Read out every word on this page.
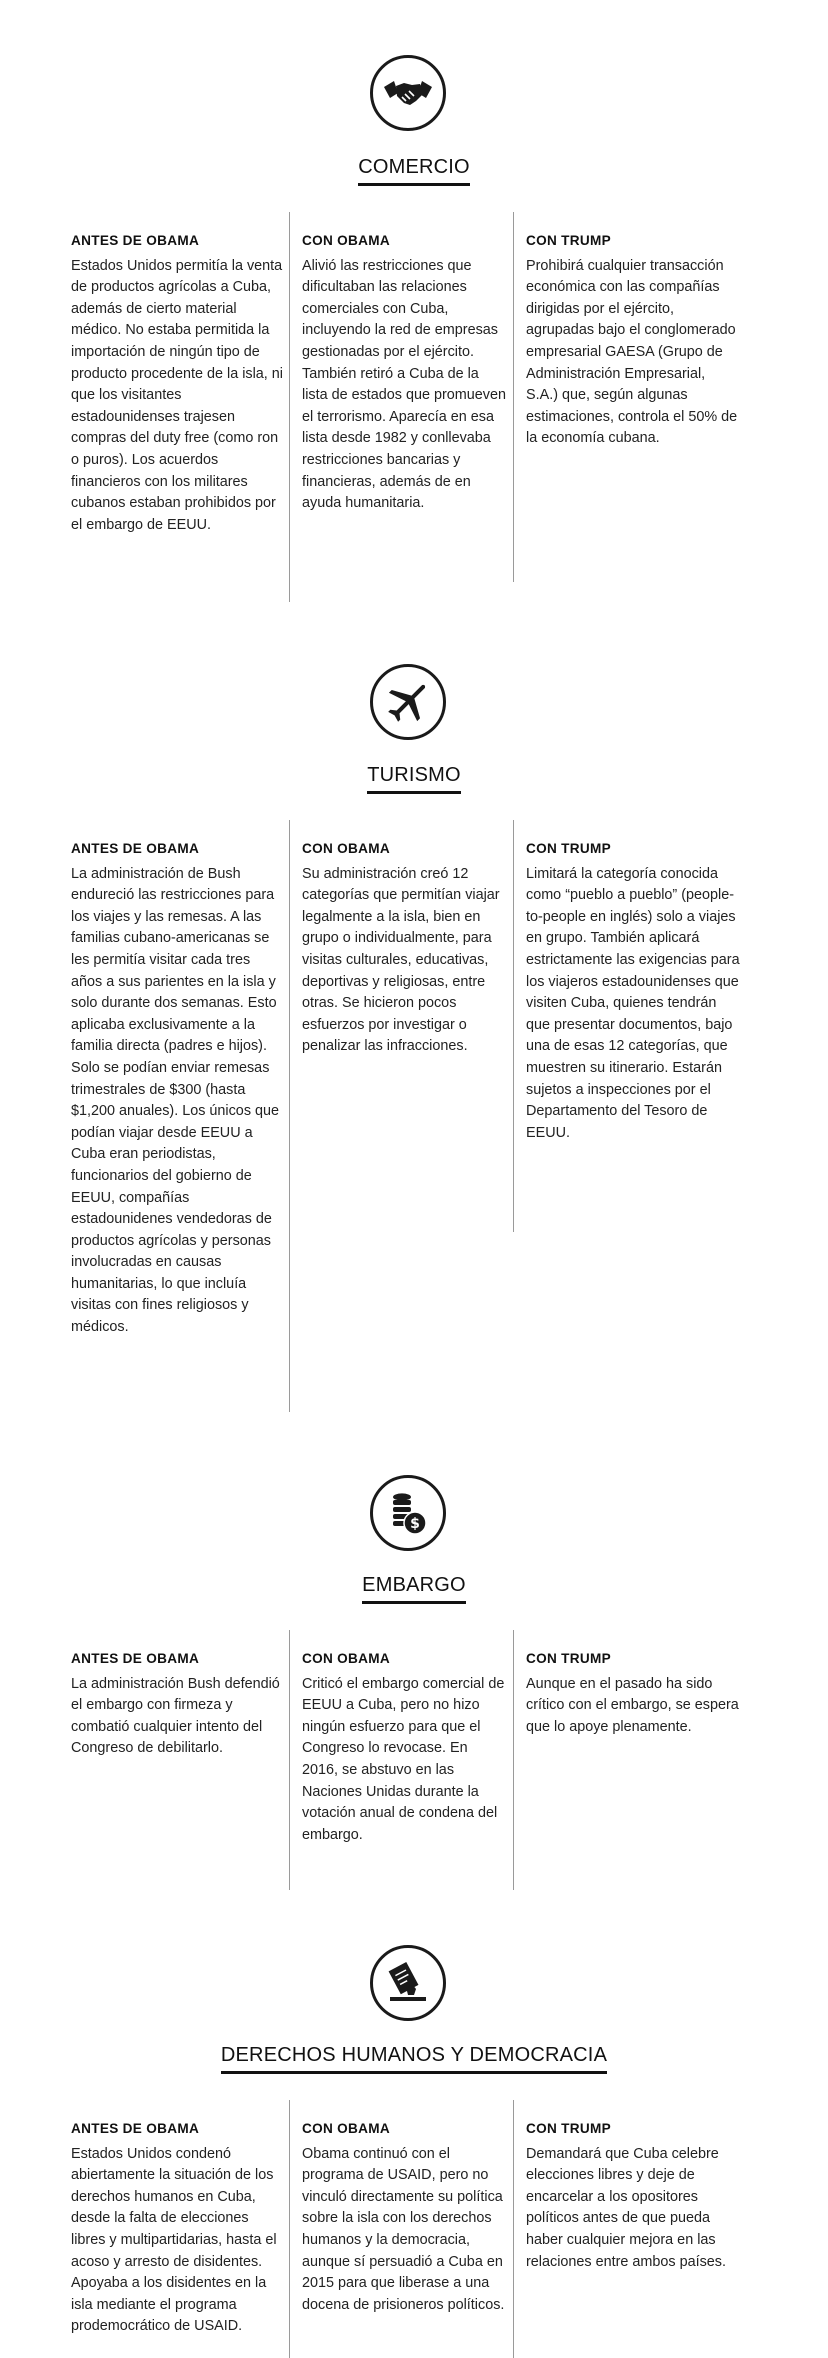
COMERCIO
ANTES DE OBAMA

Estados Unidos permitía la venta de productos agrícolas a Cuba, además de cierto material médico. No estaba permitida la importación de ningún tipo de producto procedente de la isla, ni que los visitantes estadounidenses trajesen compras del duty free (como ron o puros). Los acuerdos financieros con los militares cubanos estaban prohibidos por el embargo de EEUU.

CON OBAMA

Alivió las restricciones que dificultaban las relaciones comerciales con Cuba, incluyendo la red de empresas gestionadas por el ejército. También retiró a Cuba de la lista de estados que promueven el terrorismo. Aparecía en esa lista desde 1982 y conllevaba restricciones bancarias y financieras, además de en ayuda humanitaria.

CON TRUMP

Prohibirá cualquier transacción económica con las compañías dirigidas por el ejército, agrupadas bajo el conglomerado empresarial GAESA (Grupo de Administración Empresarial, S.A.) que, según algunas estimaciones, controla el 50% de la economía cubana.

TURISMO
ANTES DE OBAMA

La administración de Bush endureció las restricciones para los viajes y las remesas. A las familias cubano-americanas se les permitía visitar cada tres años a sus parientes en la isla y solo durante dos semanas. Esto aplicaba exclusivamente a la familia directa (padres e hijos). Solo se podían enviar remesas trimestrales de $300 (hasta $1,200 anuales). Los únicos que podían viajar desde EEUU a Cuba eran periodistas, funcionarios del gobierno de EEUU, compañías estadounidenes vendedoras de productos agrícolas y personas involucradas en causas humanitarias, lo que incluía visitas con fines religiosos y médicos.

CON OBAMA

Su administración creó 12 categorías que permitían viajar legalmente a la isla, bien en grupo o individualmente, para visitas culturales, educativas, deportivas y religiosas, entre otras. Se hicieron pocos esfuerzos por investigar o penalizar las infracciones.

CON TRUMP

Limitará la categoría conocida como “pueblo a pueblo” (people-to-people en inglés) solo a viajes en grupo. También aplicará estrictamente las exigencias para los viajeros estadounidenses que visiten Cuba, quienes tendrán que presentar documentos, bajo una de esas 12 categorías, que muestren su itinerario. Estarán sujetos a inspecciones por el Departamento del Tesoro de EEUU.

$
EMBARGO
ANTES DE OBAMA

La administración Bush defendió el embargo con firmeza y combatió cualquier intento del Congreso de debilitarlo.

CON OBAMA

Criticó el embargo comercial de EEUU a Cuba, pero no hizo ningún esfuerzo para que el Congreso lo revocase. En 2016, se abstuvo en las Naciones Unidas durante la votación anual de condena del embargo.

CON TRUMP

Aunque en el pasado ha sido crítico con el embargo, se espera que lo apoye plenamente.

DERECHOS HUMANOS Y DEMOCRACIA
ANTES DE OBAMA

Estados Unidos condenó abiertamente la situación de los derechos humanos en Cuba, desde la falta de elecciones libres y multipartidarias, hasta el acoso y arresto de disidentes. Apoyaba a los disidentes en la isla mediante el programa prodemocrático de USAID.

CON OBAMA

Obama continuó con el programa de USAID, pero no vinculó directamente su política sobre la isla con los derechos humanos y la democracia, aunque sí persuadió a Cuba en 2015 para que liberase a una docena de prisioneros políticos.

CON TRUMP

Demandará que Cuba celebre elecciones libres y deje de encarcelar a los opositores políticos antes de que pueda haber cualquier mejora en las relaciones entre ambos países.
